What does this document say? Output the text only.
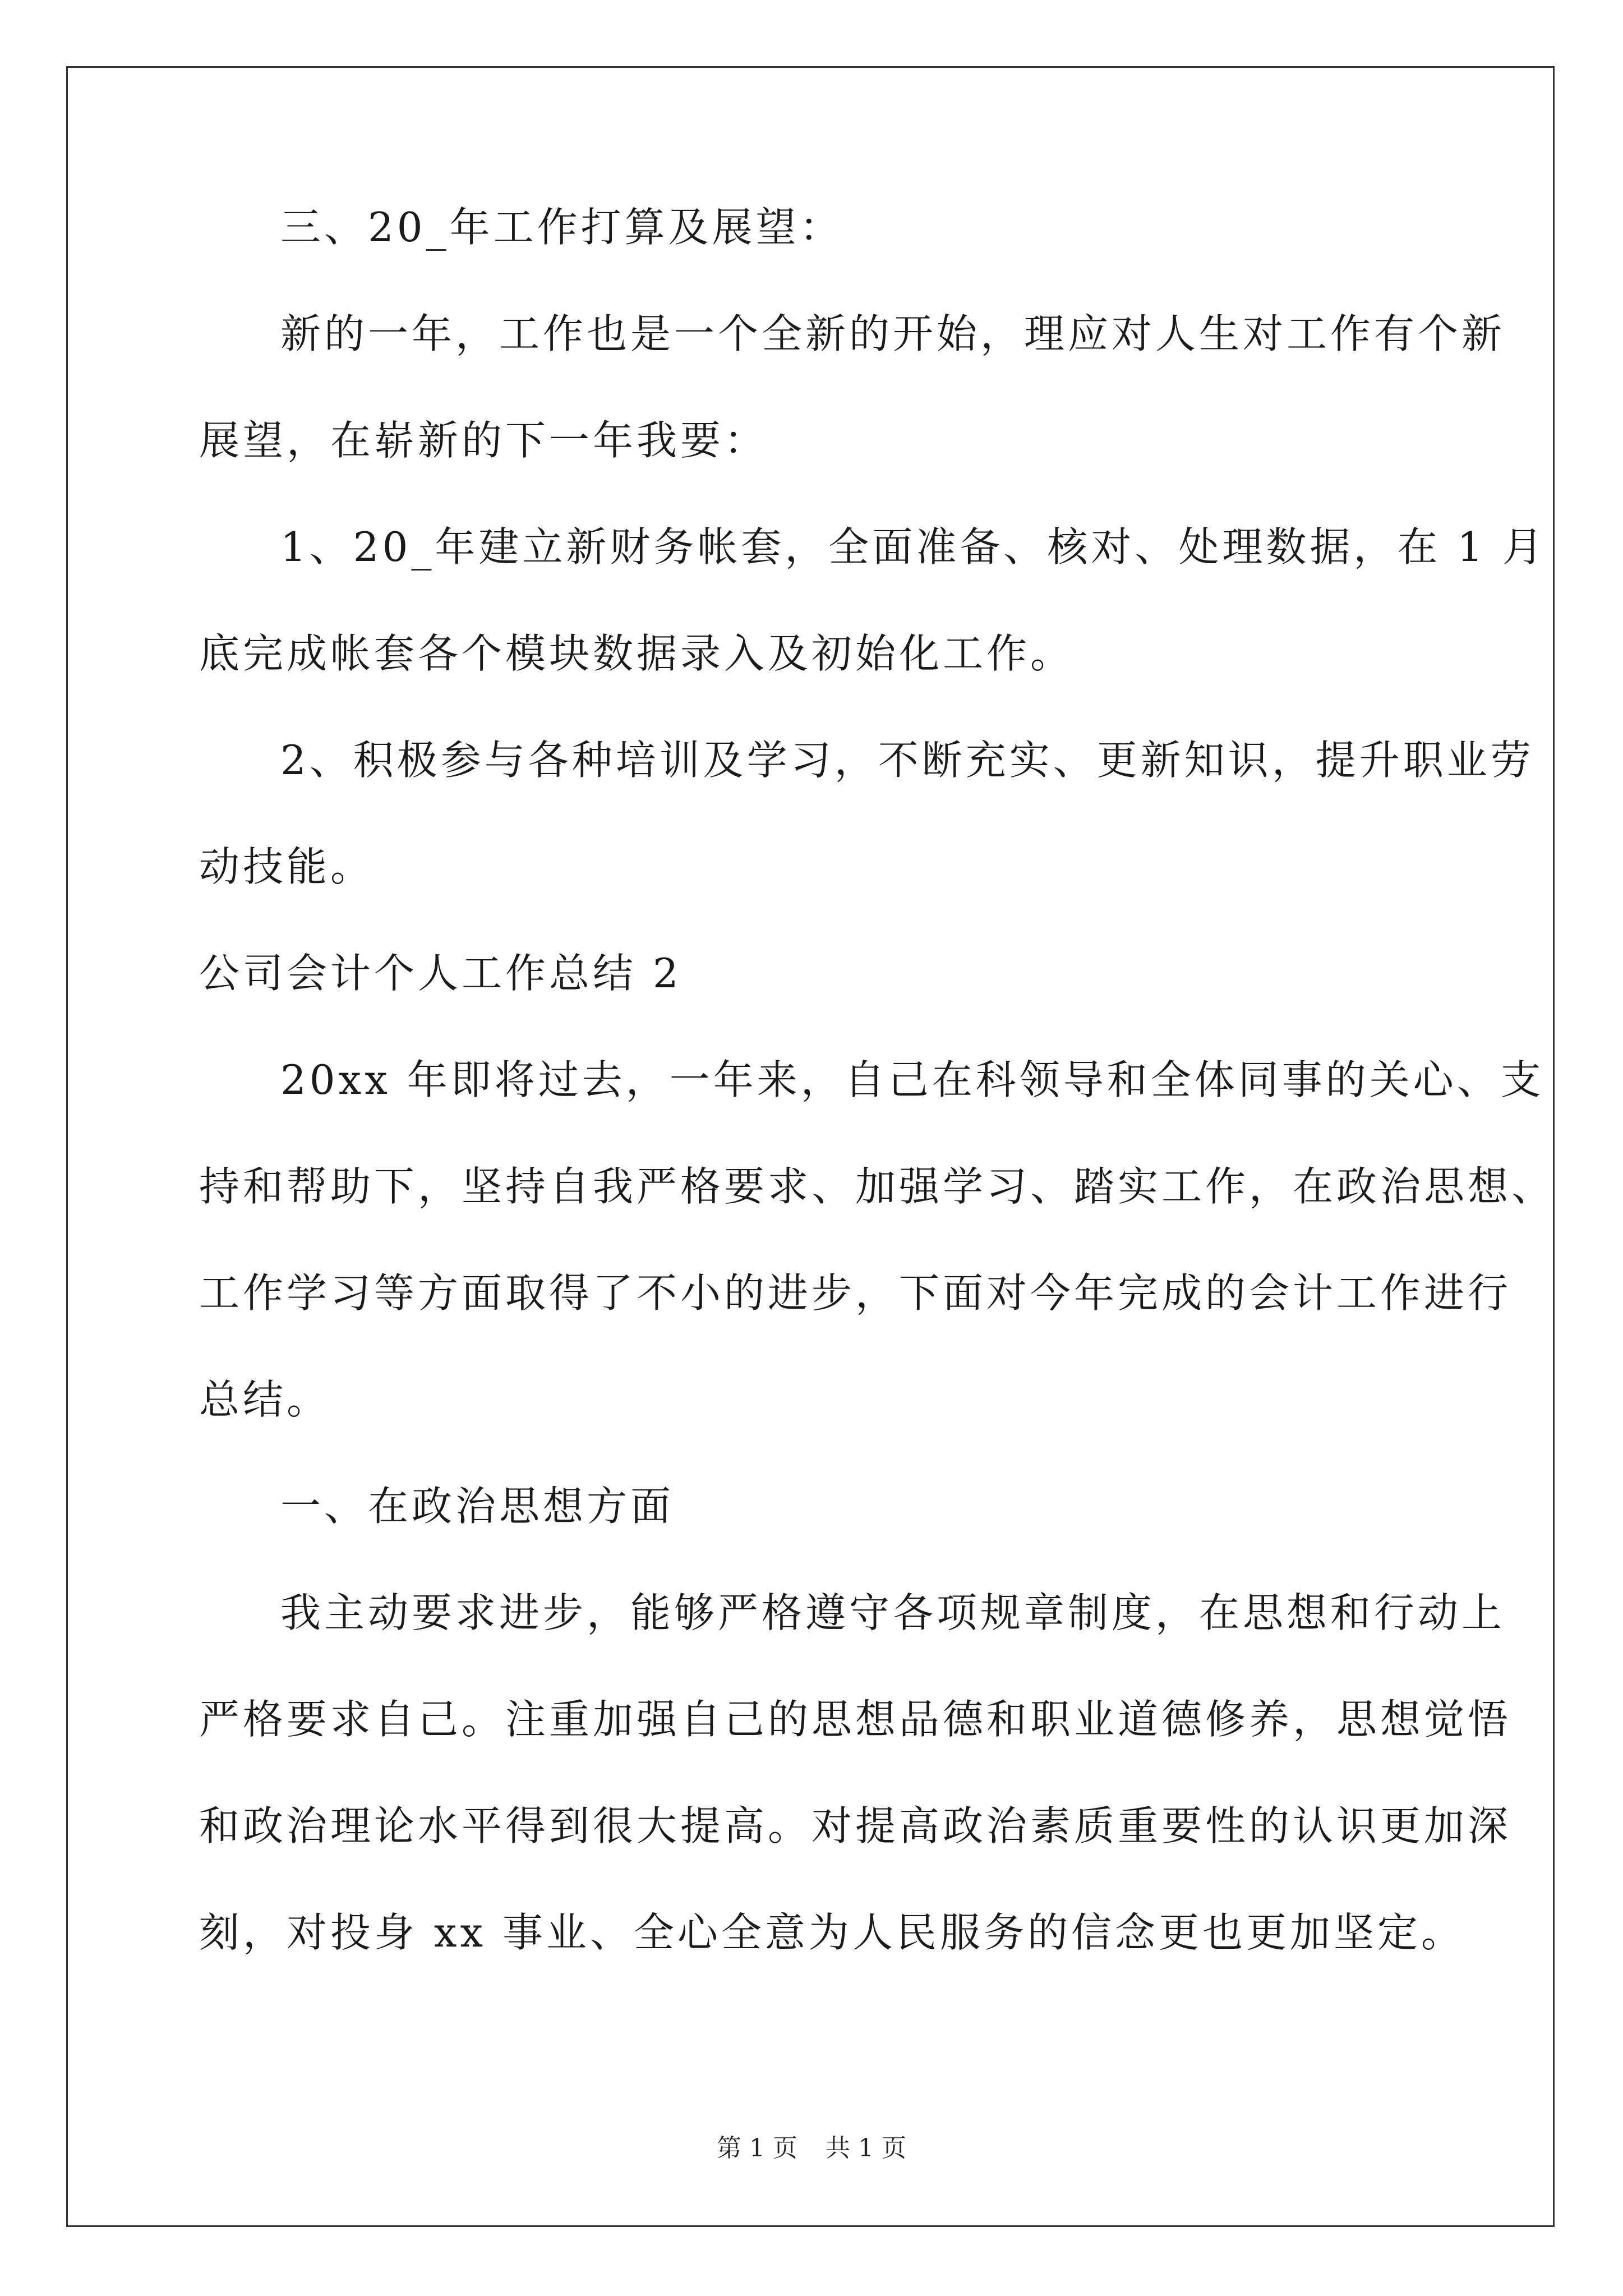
三、20_年工作打算及展望：
新的一年，工作也是一个全新的开始，理应对人生对工作有个新
展望，在崭新的下一年我要：
1、20_年建立新财务帐套，全面准备、核对、处理数据，在 1 月
底完成帐套各个模块数据录入及初始化工作。
2、积极参与各种培训及学习，不断充实、更新知识，提升职业劳
动技能。
公司会计个人工作总结 2
20xx 年即将过去，一年来，自己在科领导和全体同事的关心、支
持和帮助下，坚持自我严格要求、加强学习、踏实工作，在政治思想、
工作学习等方面取得了不小的进步，下面对今年完成的会计工作进行
总结。
一、在政治思想方面
我主动要求进步，能够严格遵守各项规章制度，在思想和行动上
严格要求自己。注重加强自己的思想品德和职业道德修养，思想觉悟
和政治理论水平得到很大提高。对提高政治素质重要性的认识更加深
刻，对投身 xx 事业、全心全意为人民服务的信念更也更加坚定。
第 1 页 共 1 页
